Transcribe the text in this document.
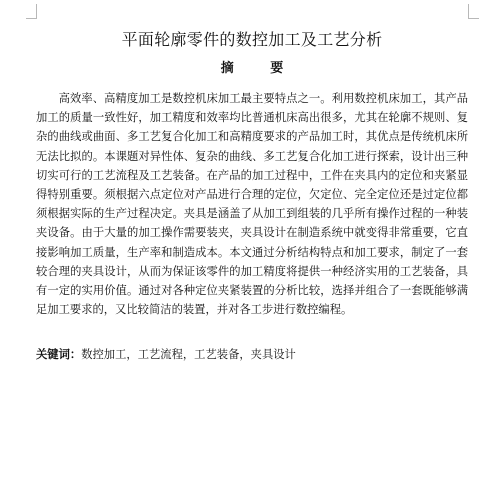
平面轮廓零件的数控加工及工艺分析
摘 要

高效率、高精度加工是数控机床加工最主要特点之一。利用数控机床加工，其产品加工的质量一致性好，加工精度和效率均比普通机床高出很多，尤其在轮廓不规则、复杂的曲线或曲面、多工艺复合化加工和高精度要求的产品加工时，其优点是传统机床所无法比拟的。本课题对异性体、复杂的曲线、多工艺复合化加工进行探索，设计出三种切实可行的工艺流程及工艺装备。在产品的加工过程中，工件在夹具内的定位和夹紧显得特别重要。须根据六点定位对产品进行合理的定位，欠定位、完全定位还是过定位都须根据实际的生产过程决定。夹具是涵盖了从加工到组装的几乎所有操作过程的一种装夹设备。由于大量的加工操作需要装夹，夹具设计在制造系统中就变得非常重要，它直接影响加工质量，生产率和制造成本。本文通过分析结构特点和加工要求，制定了一套较合理的夹具设计，从而为保证该零件的加工精度将提供一种经济实用的工艺装备，具有一定的实用价值。通过对各种定位夹紧装置的分析比较，选择并组合了一套既能够满足加工要求的，又比较简洁的装置，并对各工步进行数控编程。

关键词：数控加工，工艺流程，工艺装备，夹具设计
